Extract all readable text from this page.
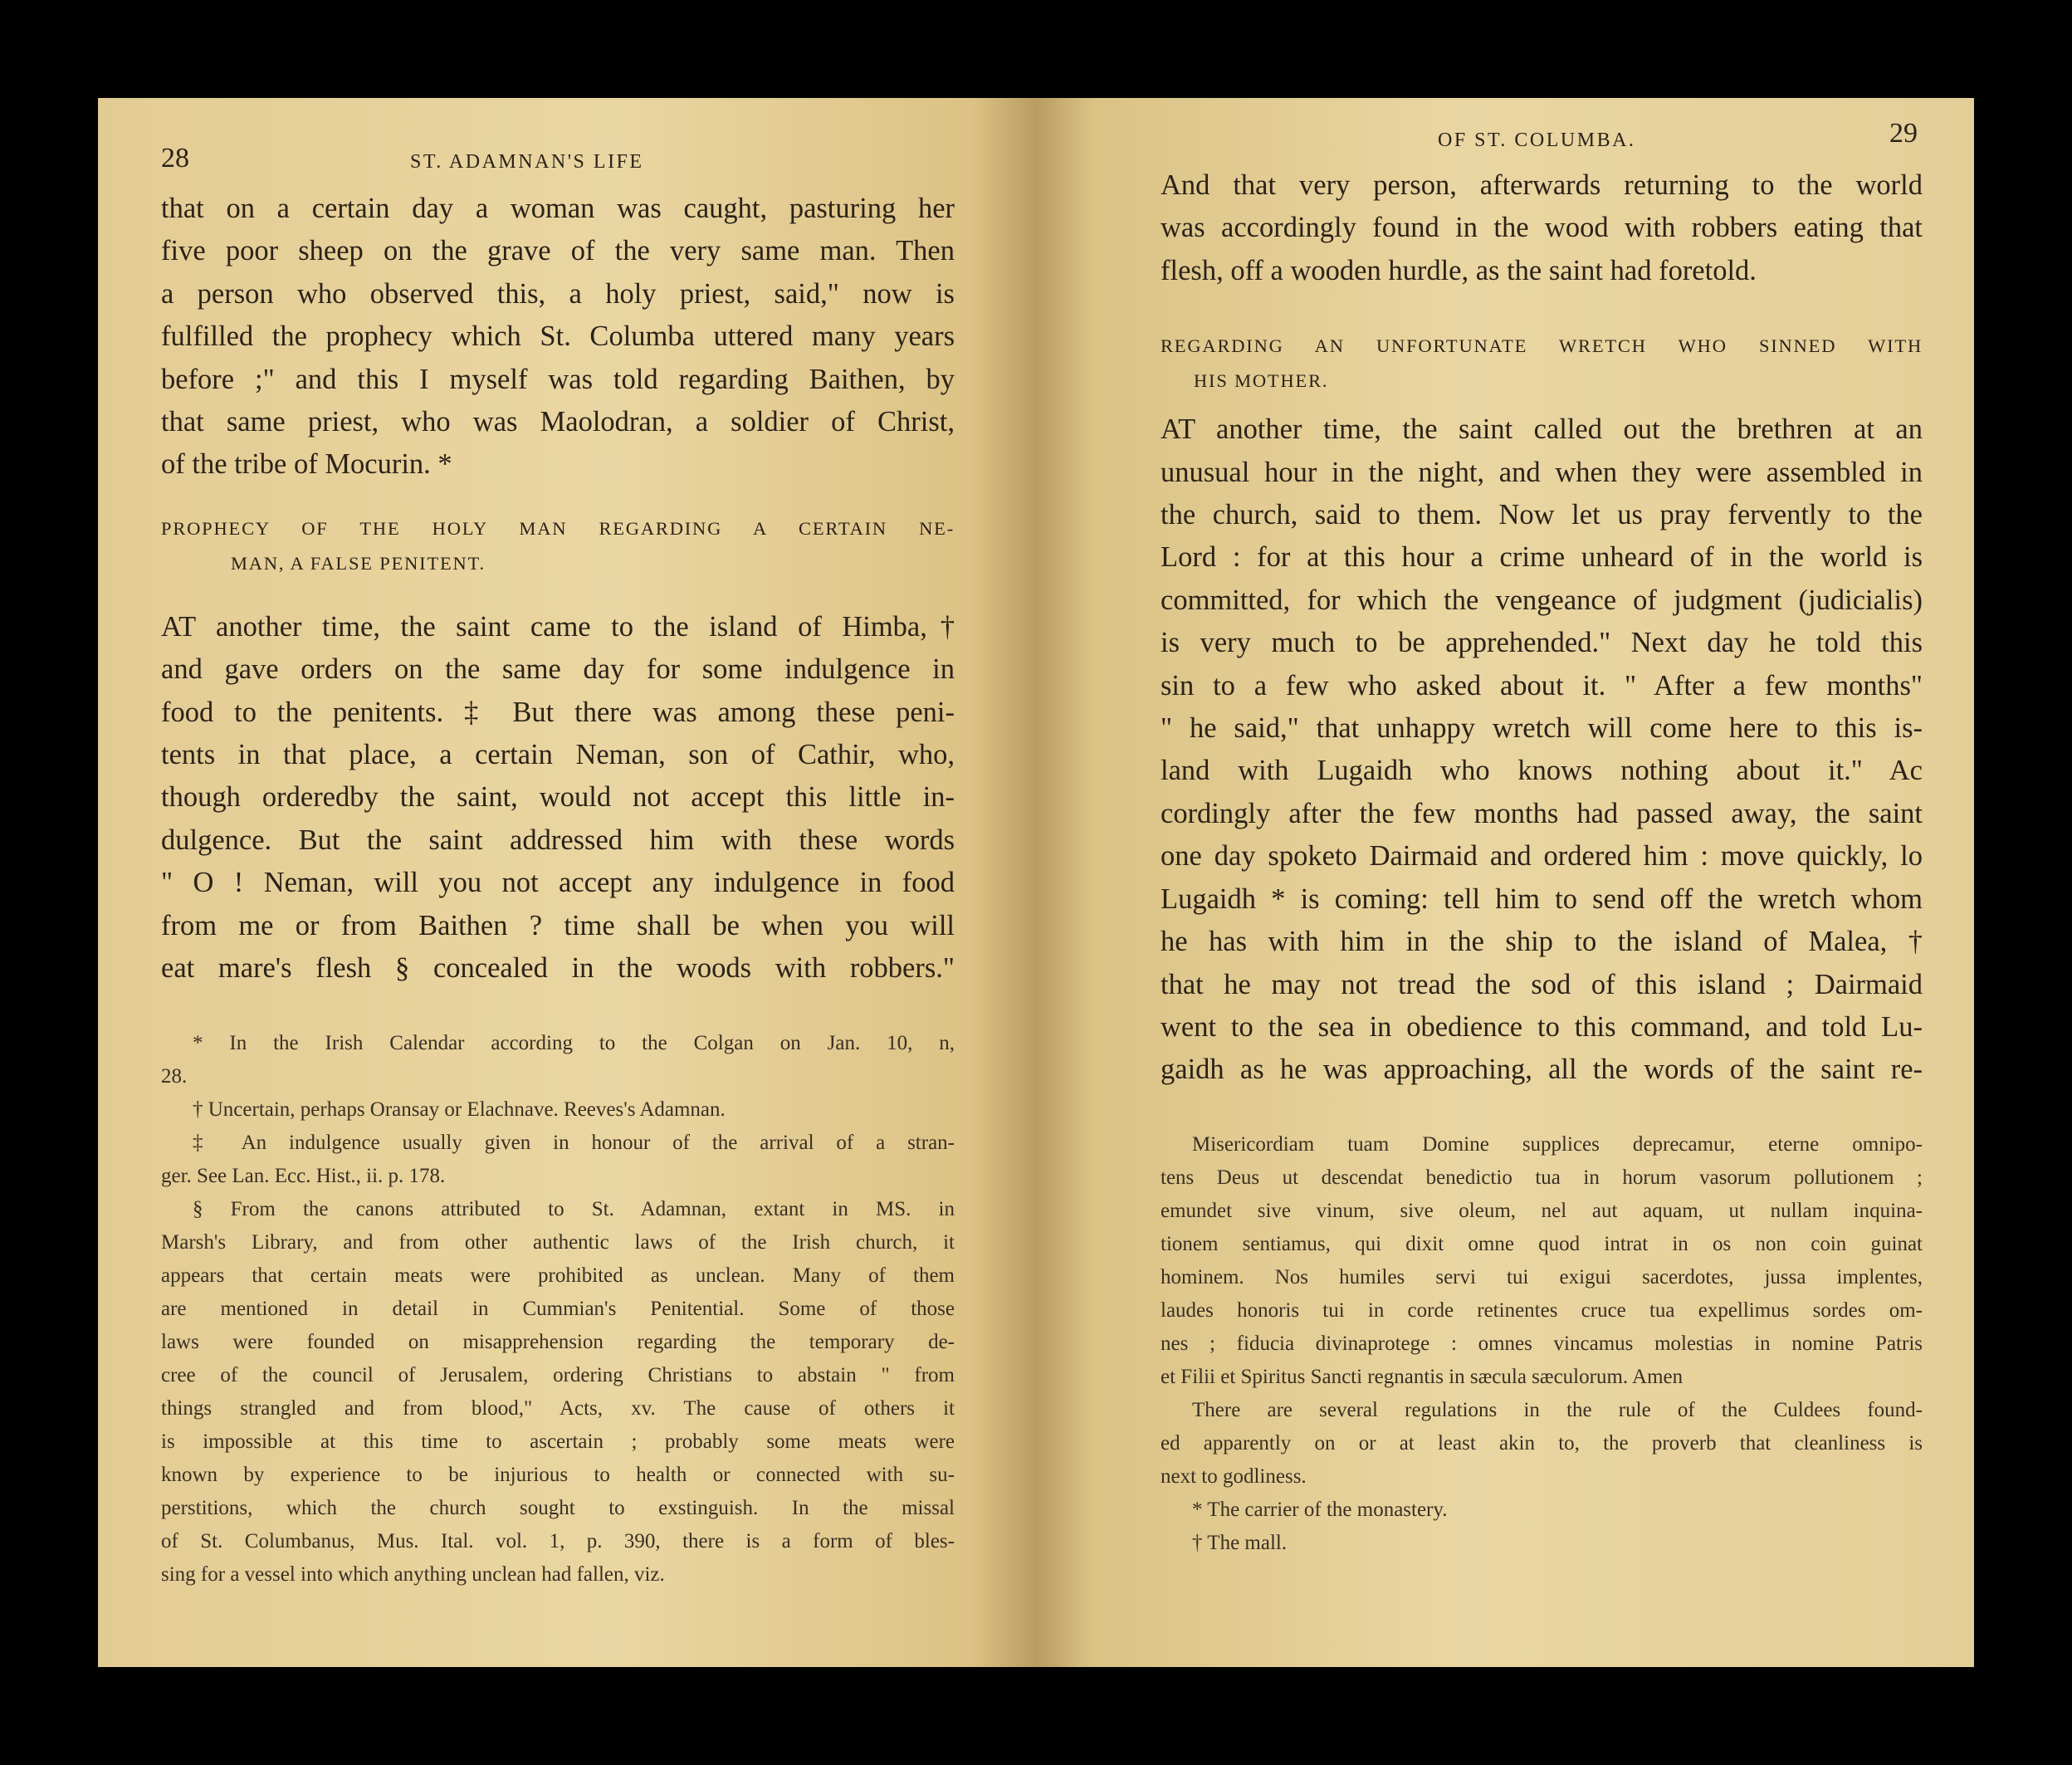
28	ST. ADAMNAN'S LIFE
that on a certain day a woman was caught, pasturing her
five poor sheep on the grave of the very same man. Then
a person who observed this, a holy priest, said," now is
fulfilled the prophecy which St. Columba uttered many years
before ;" and this I myself was told regarding Baithen, by
that same priest, who was Maolodran, a soldier of Christ,
of the tribe of Mocurin. *
PROPHECY OF THE HOLY MAN REGARDING A CERTAIN NE-
MAN, A FALSE PENITENT.
AT another time, the saint came to the island of Himba,†
and gave orders on the same day for some indulgence in
food to the penitents. ‡ But there was among these peni-
tents in that place, a certain Neman, son of Cathir, who,
though orderedby the saint, would not accept this little in-
dulgence. But the saint addressed him with these words
" O ! Neman, will you not accept any indulgence in food
from me or from Baithen ? time shall be when you will
eat mare's flesh § concealed in the woods with robbers."
* In the Irish Calendar according to the Colgan on Jan. 10, n,
28.
† Uncertain, perhaps Oransay or Elachnave. Reeves's Adamnan.
‡ An indulgence usually given in honour of the arrival of a stran-
ger. See Lan. Ecc. Hist., ii. p. 178.
§ From the canons attributed to St. Adamnan, extant in MS. in
Marsh's Library, and from other authentic laws of the Irish church, it
appears that certain meats were prohibited as unclean. Many of them
are mentioned in detail in Cummian's Penitential. Some of those
laws were founded on misapprehension regarding the temporary de-
cree of the council of Jerusalem, ordering Christians to abstain " from
things strangled and from blood," Acts, xv. The cause of others it
is impossible at this time to ascertain ; probably some meats were
known by experience to be injurious to health or connected with su-
perstitions, which the church sought to exstinguish. In the missal
of St. Columbanus, Mus. Ital. vol. 1, p. 390, there is a form of bles-
sing for a vessel into which anything unclean had fallen, viz.
OF ST. COLUMBA.	29
And that very person, afterwards returning to the world
was accordingly found in the wood with robbers eating that
flesh, off a wooden hurdle, as the saint had foretold.
REGARDING AN UNFORTUNATE WRETCH WHO SINNED WITH
HIS MOTHER.
AT another time, the saint called out the brethren at an
unusual hour in the night, and when they were assembled in
the church, said to them. Now let us pray fervently to the
Lord : for at this hour a crime unheard of in the world is
committed, for which the vengeance of judgment (judicialis)
is very much to be apprehended." Next day he told this
sin to a few who asked about it. " After a few months"
" he said," that unhappy wretch will come here to this is-
land with Lugaidh who knows nothing about it." Ac
cordingly after the few months had passed away, the saint
one day spoketo Dairmaid and ordered him : move quickly, lo
Lugaidh * is coming: tell him to send off the wretch whom
he has with him in the ship to the island of Malea, †
that he may not tread the sod of this island ; Dairmaid
went to the sea in obedience to this command, and told Lu-
gaidh as he was approaching, all the words of the saint re-
Misericordiam tuam Domine supplices deprecamur, eterne omnipo-
tens Deus ut descendat benedictio tua in horum vasorum pollutionem ;
emundet sive vinum, sive oleum, nel aut aquam, ut nullam inquina-
tionem sentiamus, qui dixit omne quod intrat in os non coin guinat
hominem. Nos humiles servi tui exigui sacerdotes, jussa implentes,
laudes honoris tui in corde retinentes cruce tua expellimus sordes om-
nes ; fiducia divinaprotege : omnes vincamus molestias in nomine Patris
et Filii et Spiritus Sancti regnantis in sæcula sæculorum. Amen
There are several regulations in the rule of the Culdees found-
ed apparently on or at least akin to, the proverb that cleanliness is
next to godliness.
* The carrier of the monastery.
† The mall.
